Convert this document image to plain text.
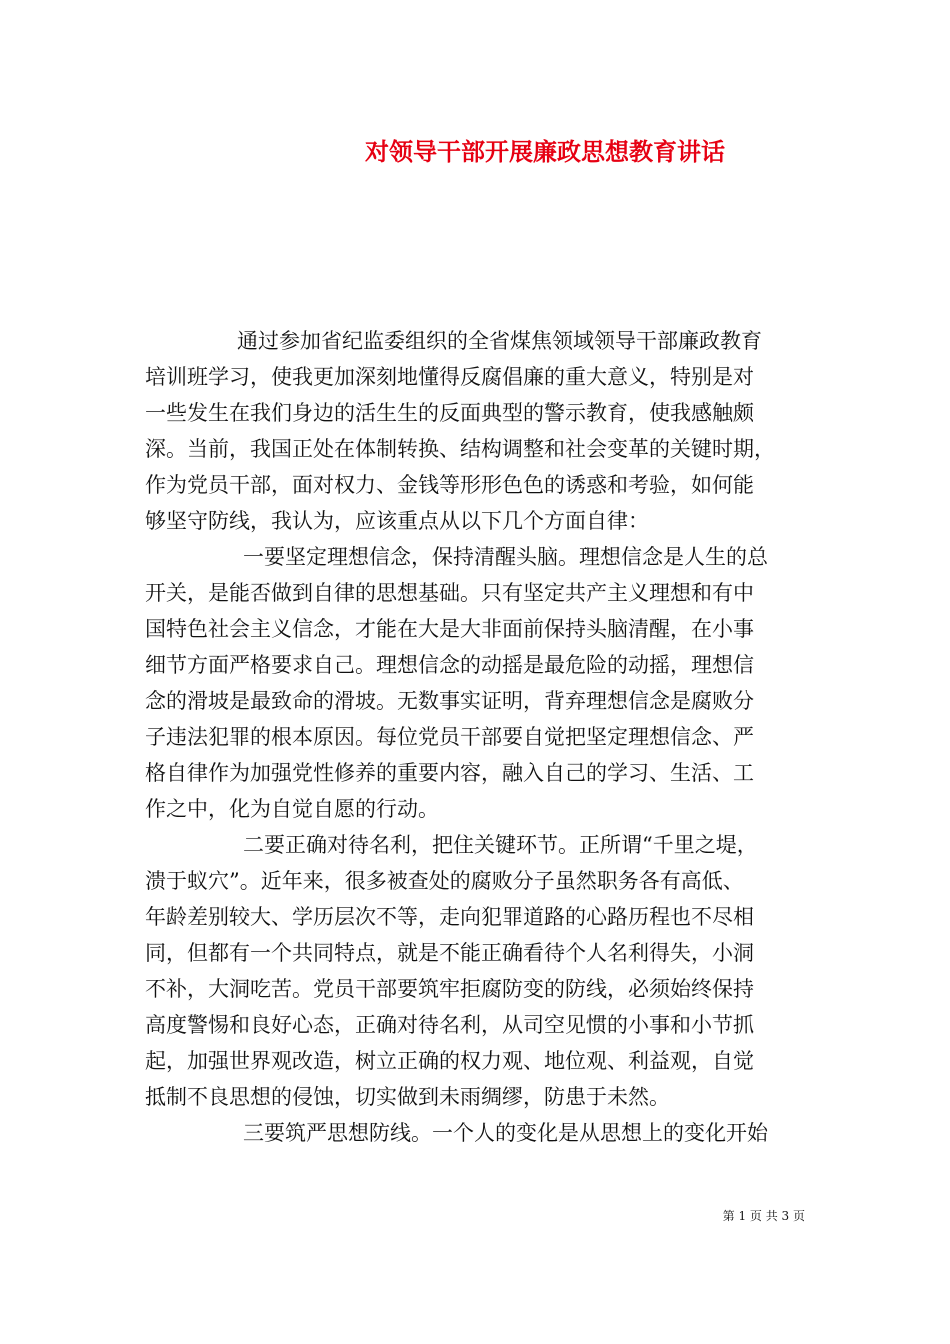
对领导干部开展廉政思想教育讲话
通过参加省纪监委组织的全省煤焦领域领导干部廉政教育
培训班学习，使我更加深刻地懂得反腐倡廉的重大意义，特别是对
一些发生在我们身边的活生生的反面典型的警示教育，使我感触颇
深。当前，我国正处在体制转换、结构调整和社会变革的关键时期，
作为党员干部，面对权力、金钱等形形色色的诱惑和考验，如何能
够坚守防线，我认为，应该重点从以下几个方面自律：
一要坚定理想信念，保持清醒头脑。理想信念是人生的总
开关，是能否做到自律的思想基础。只有坚定共产主义理想和有中
国特色社会主义信念，才能在大是大非面前保持头脑清醒，在小事
细节方面严格要求自己。理想信念的动摇是最危险的动摇，理想信
念的滑坡是最致命的滑坡。无数事实证明，背弃理想信念是腐败分
子违法犯罪的根本原因。每位党员干部要自觉把坚定理想信念、严
格自律作为加强党性修养的重要内容，融入自己的学习、生活、工
作之中，化为自觉自愿的行动。
二要正确对待名利，把住关键环节。正所谓“千里之堤，
溃于蚁穴”。近年来，很多被查处的腐败分子虽然职务各有高低、
年龄差别较大、学历层次不等，走向犯罪道路的心路历程也不尽相
同，但都有一个共同特点，就是不能正确看待个人名利得失，小洞
不补，大洞吃苦。党员干部要筑牢拒腐防变的防线，必须始终保持
高度警惕和良好心态，正确对待名利，从司空见惯的小事和小节抓
起，加强世界观改造，树立正确的权力观、地位观、利益观，自觉
抵制不良思想的侵蚀，切实做到未雨绸缪，防患于未然。
三要筑严思想防线。一个人的变化是从思想上的变化开始
第 1 页 共 3 页
